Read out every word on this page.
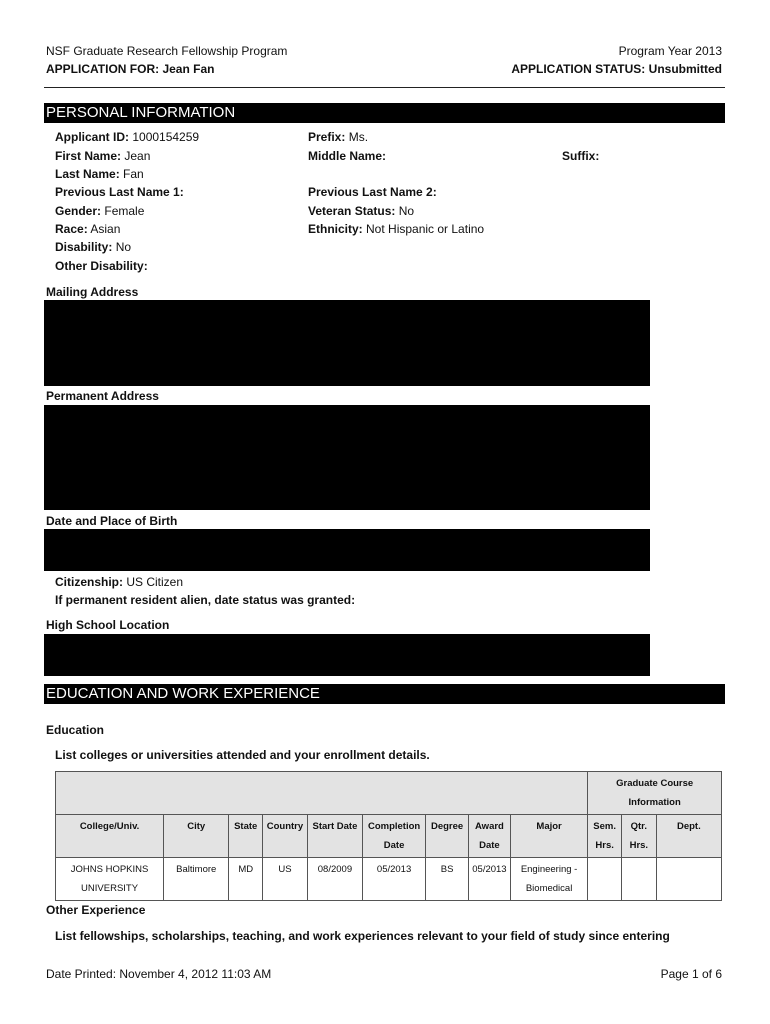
NSF Graduate Research Fellowship Program	Program Year 2013
APPLICATION FOR: Jean Fan	APPLICATION STATUS: Unsubmitted
PERSONAL INFORMATION
Applicant ID: 1000154259	Prefix: Ms.
First Name: Jean	Middle Name:	Suffix:
Last Name: Fan
Previous Last Name 1:	Previous Last Name 2:
Gender: Female	Veteran Status: No
Race: Asian	Ethnicity: Not Hispanic or Latino
Disability: No
Other Disability:
Mailing Address
Permanent Address
Date and Place of Birth
Citizenship: US Citizen
If permanent resident alien, date status was granted:
High School Location
EDUCATION AND WORK EXPERIENCE
Education
List colleges or universities attended and your enrollment details.
									Graduate Course Information		
College/Univ.	City	State	Country	Start Date	Completion Date	Degree	Award Date	Major	Sem. Hrs.	Qtr. Hrs.	Dept.
JOHNS HOPKINS UNIVERSITY	Baltimore	MD	US	08/2009	05/2013	BS	05/2013	Engineering - Biomedical			
Other Experience
List fellowships, scholarships, teaching, and work experiences relevant to your field of study since entering
Date Printed: November 4, 2012 11:03 AM	Page 1 of 6
